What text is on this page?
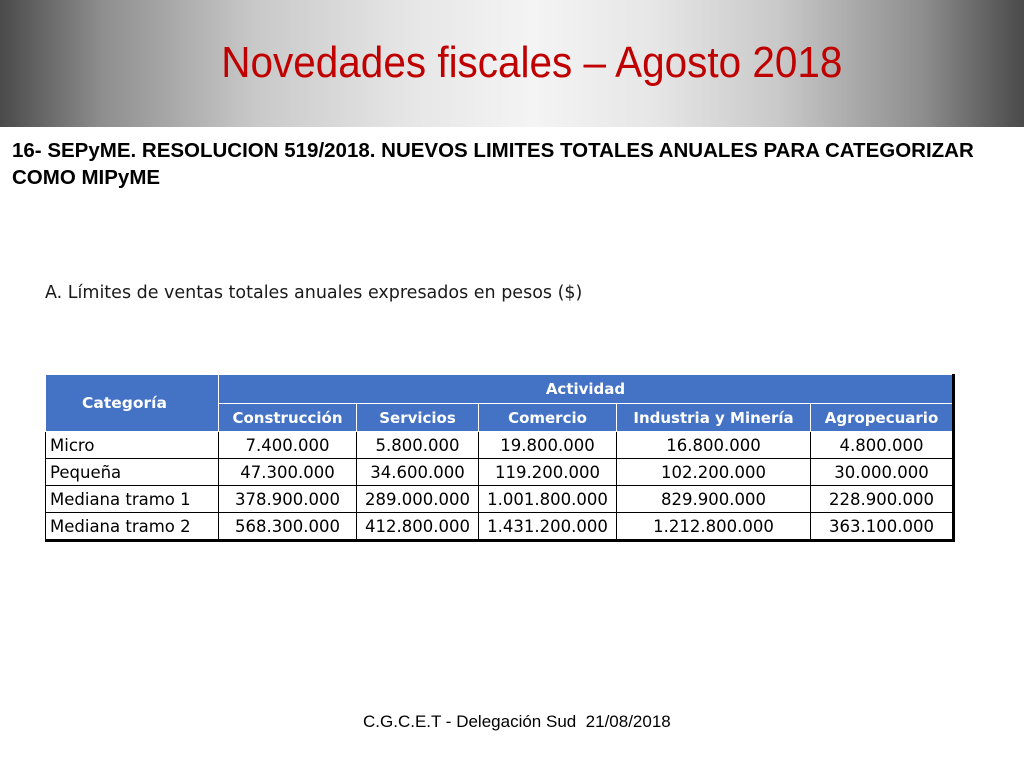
Novedades fiscales – Agosto 2018
16- SEPyME. RESOLUCION 519/2018. NUEVOS LIMITES TOTALES ANUALES PARA CATEGORIZAR COMO MIPyME
A. Límites de ventas totales anuales expresados en pesos ($)
Categoría	Actividad				
	Construcción	Servicios	Comercio	Industria y Minería	Agropecuario
Micro	7.400.000	5.800.000	19.800.000	16.800.000	4.800.000
Pequeña	47.300.000	34.600.000	119.200.000	102.200.000	30.000.000
Mediana tramo 1	378.900.000	289.000.000	1.001.800.000	829.900.000	228.900.000
Mediana tramo 2	568.300.000	412.800.000	1.431.200.000	1.212.800.000	363.100.000
C.G.C.E.T - Delegación Sud  21/08/2018
